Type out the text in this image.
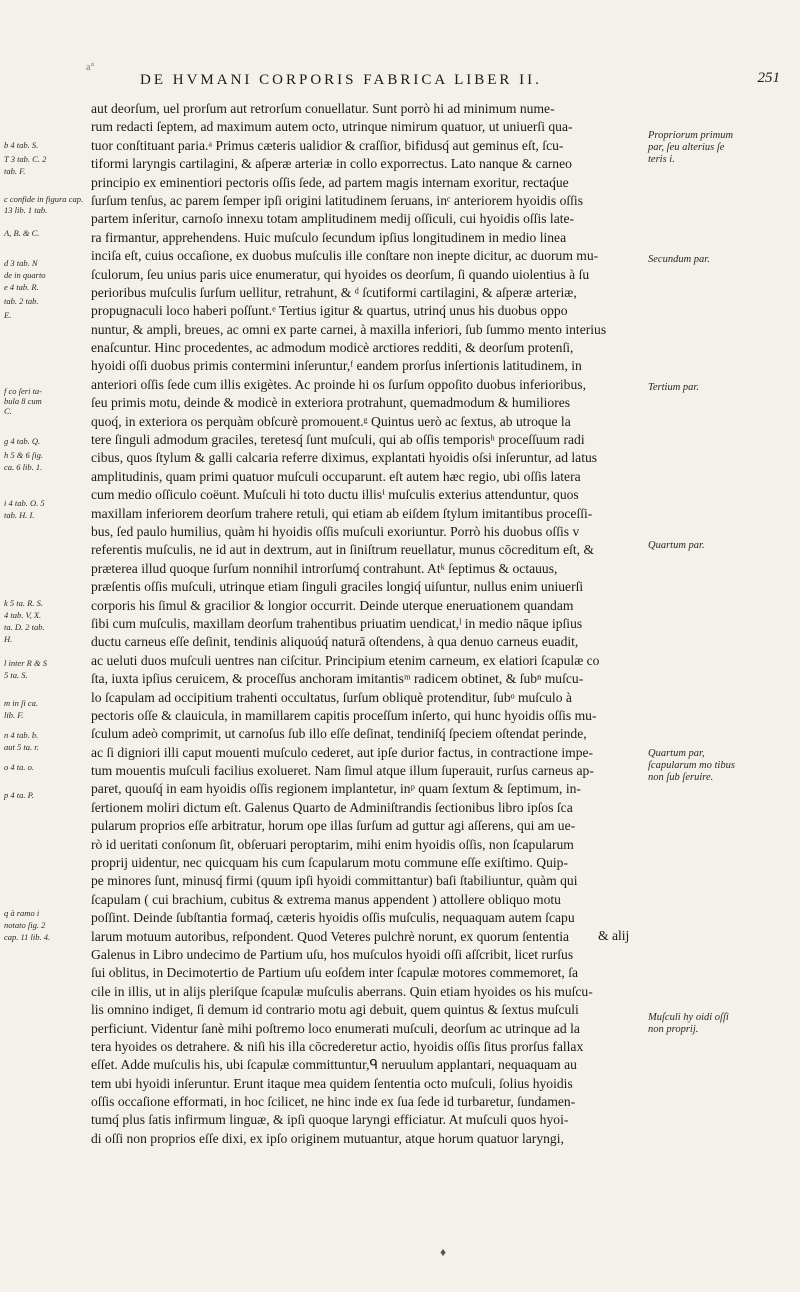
a°
DE HVMANI CORPORIS FABRICA LIBER II.	251
b 4 tab. S.
T 3 tab. C. 2
tab. F.
c confide in figura cap. 13 lib. 1 tab.
A, B. & C.
d 3 tab. N
de in quarto
e 4 tab. R.
tab. 2 tab.
E.
f co ſeri ta-
bula 8 cum
C.
g 4 tab. Q.
h 5 & 6 ſig.
ca. 6 lib. 1.
i 4 tab. O. 5
tab. H. I.
k 5 ta. R. S.
4 tab. V, X.
ta. D. 2 tab.
H.
l inter R & S
5 ta. S.
m in ſi ca.
lib. F.
n 4 tab. b.
aut 5 ta. r.
o 4 ta. o.
p 4 ta. P.
q à ramo i
notato ſig. 2
cap. 11 lib. 4.
aut deorſum, uel prorſum aut retrorſum conuellatur. Sunt porrò hi ad minimum nume-
rum redacti ſeptem, ad maximum autem octo, utrinque nimirum quatuor, ut uniuerſi qua-
tuor conſtituant paria.ᵃ Primus cæteris ualidior & craſſior, bifidusq́ aut geminus eſt, ſcu-
tiformi laryngis cartilagini, & aſperæ arteriæ in collo exporrectus. Lato nanque & carneo
principio ex eminentiori pectoris oſſis ſede, ad partem magis internam exoritur, rectaq́ue
ſurſum tenſus, ac parem ſemper ipſi origini latitudinem ſeruans, inᶜ anteriorem hyoidis oſſis
partem inſeritur, carnoſo innexu totam amplitudinem medij oſſiculi, cui hyoidis oſſis late-
ra firmantur, apprehendens. Huic muſculo ſecundum ipſius longitudinem in medio linea
inciſa eſt, cuius occaſione, ex duobus muſculis ille conſtare non inepte dicitur, ac duorum mu-
ſculorum, ſeu unius paris uice enumeratur, qui hyoides os deorſum, ſi quando uiolentius à ſu
perioribus muſculis ſurſum uellitur, retrahunt, & ᵈ ſcutiformi cartilagini, & aſperæ arteriæ,
propugnaculi loco haberi poſſunt.ᵉ Tertius igitur & quartus, utrinq́ unus his duobus oppo
nuntur, & ampli, breues, ac omni ex parte carnei, à maxilla inferiori, ſub ſummo mento interius
enaſcuntur. Hinc procedentes, ac admodum modicè arctiores redditi, & deorſum protenſi,
hyoidi oſſi duobus primis contermini inſeruntur,ᶠ eandem prorſus inſertionis latitudinem, in
anteriori oſſis ſede cum illis exigètes. Ac proinde hi os ſurſum oppoſito duobus inferioribus,
ſeu primis motu, deinde & modicè in exteriora protrahunt, quemadmodum & humiliores
quoq́, in exteriora os perquàm obſcurè promouent.ᵍ Quintus uerò ac ſextus, ab utroque la
tere ſinguli admodum graciles, teretesq́ ſunt muſculi, qui ab oſſis temporisʰ proceſſuum radi
cibus, quos ſtylum & galli calcaria referre diximus, explantati hyoidis oſsi inſeruntur, ad latus
amplitudinis, quam primi quatuor muſculi occuparunt. eſt autem hæc regio, ubi oſſis latera
cum medio oſſiculo coëunt. Muſculi hi toto ductu illisⁱ muſculis exterius attenduntur, quos
maxillam inferiorem deorſum trahere retuli, qui etiam ab eiſdem ſtylum imitantibus proceſſi-
bus, ſed paulo humilius, quàm hi hyoidis oſſis muſculi exoriuntur. Porrò his duobus oſſis v
referentis muſculis, ne id aut in dextrum, aut in ſiniſtrum reuellatur, munus cōcreditum eſt, &
præterea illud quoque ſurſum nonnihil introrſumq́ contrahunt. Atᵏ ſeptimus & octauus,
præſentis oſſis muſculi, utrinque etiam ſinguli graciles longiq́ uiſuntur, nullus enim uniuerſi
corporis his ſimul & gracilior & longior occurrit. Deinde uterque eneruationem quandam
ſibi cum muſculis, maxillam deorſum trahentibus priuatim uendicat,ˡ in medio nāque ipſius
ductu carneus eſſe deſinit, tendinis aliquoúq́ naturā oſtendens, à qua denuo carneus euadit,
ac ueluti duos muſculi uentres nan ciſcitur. Principium etenim carneum, ex elatiori ſcapulæ co
ſta, iuxta ipſius ceruicem, & proceſſus anchoram imitantisᵐ radicem obtinet, & ſubⁿ muſcu-
lo ſcapulam ad occipitium trahenti occultatus, ſurſum obliquè protenditur, ſubᵒ muſculo à
pectoris oſſe & clauicula, in mamillarem capitis proceſſum inſerto, qui hunc hyoidis oſſis mu-
ſculum adeò comprimit, ut carnoſus ſub illo eſſe deſinat, tendiniſq́ ſpeciem oſtendat perinde,
ac ſi digniori illi caput mouenti muſculo cederet, aut ipſe durior factus, in contractione impe-
tum mouentis muſculi facilius exolueret. Nam ſimul atque illum ſuperauit, rurſus carneus ap-
paret, quouſq́ in eam hyoidis oſſis regionem implantetur, inᵖ quam ſextum & ſeptimum, in-
ſertionem moliri dictum eſt. Galenus Quarto de Adminiſtrandis ſectionibus libro ipſos ſca
pularum proprios eſſe arbitratur, horum ope illas ſurſum ad guttur agi aſſerens, qui am ue-
rò id ueritati conſonum ſit, obſeruari peroptarim, mihi enim hyoidis oſſis, non ſcapularum
proprij uidentur, nec quicquam his cum ſcapularum motu commune eſſe exiſtimo. Quip-
pe minores ſunt, minusq́ firmi (quum ipſi hyoidi committantur) baſi ſtabiliuntur, quàm qui
ſcapulam ( cui brachium, cubitus & extrema manus appendent ) attollere obliquo motu
poſſint. Deinde ſubſtantia formaq́, cæteris hyoidis oſſis muſculis, nequaquam autem ſcapu
larum motuum autoribus, reſpondent. Quod Veteres pulchrè norunt, ex quorum ſententia
Galenus in Libro undecimo de Partium uſu, hos muſculos hyoidi oſſi aſſcribit, licet rurſus
ſui oblitus, in Decimotertio de Partium uſu eoſdem inter ſcapulæ motores commemoret, ſa
cile in illis, ut in alijs pleriſque ſcapulæ muſculis aberrans. Quin etiam hyoides os his muſcu-
lis omnino indiget, ſi demum id contrario motu agi debuit, quem quintus & ſextus muſculi
perficiunt. Videntur ſanè mihi poſtremo loco enumerati muſculi, deorſum ac utrinque ad la
tera hyoides os detrahere. & niſi his illa cōcrederetur actio, hyoidis oſſis ſitus prorſus fallax
eſſet. Adde muſculis his, ubi ſcapulæ committuntur,ᑫ neruulum applantari, nequaquam au
tem ubi hyoidi inſeruntur. Erunt itaque mea quidem ſententia octo muſculi, ſolius hyoidis
oſſis occaſione efformati, in hoc ſcilicet, ne hinc inde ex ſua ſede id turbaretur, ſundamen-
tumq́ plus ſatis infirmum linguæ, & ipſi quoque laryngi efficiatur. At muſculi quos hyoi-
di oſſi non proprios eſſe dixi, ex ipſo originem mutuantur, atque horum quatuor laryngi,
Propriorum primum par, ſeu alterius ſe teris i.
Secundum par.
Tertium par.
Quartum par.
Quartum par, ſcapularum mo tibus non ſub ſeruire.
Muſculi hy oidi oſſi non proprij.
& alij
♦
